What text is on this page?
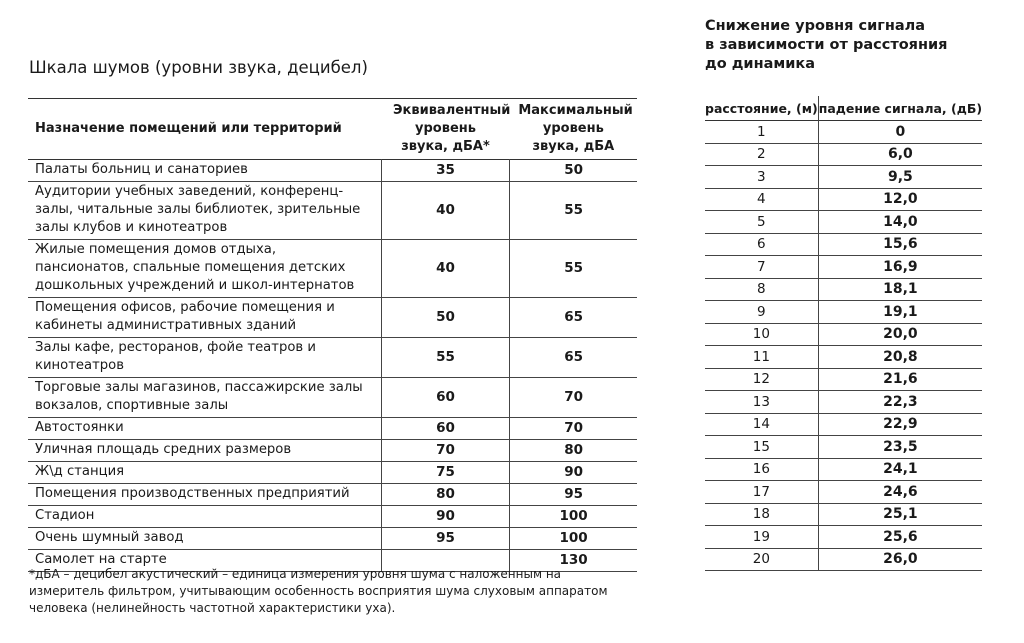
Шкала шумов (уровни звука, децибел)
Назначение помещений или территорий	Эквивалентный уровень звука, дБА*	Максимальный уровень звука, дБА

Палаты больниц и санаториев	35	50
Аудитории учебных заведений, конференц- залы, читальные залы библиотек, зрительные залы клубов и кинотеатров	40	55
Жилые помещения домов отдыха, пансионатов, спальные помещения детских дошкольных учреждений и школ-интернатов	40	55
Помещения офисов, рабочие помещения и кабинеты административных зданий	50	65
Залы кафе, ресторанов, фойе театров и кинотеатров	55	65
Торговые залы магазинов, пассажирские залы вокзалов, спортивные залы	60	70
Автостоянки	60	70
Уличная площадь средних размеров	70	80
Ж\д станция	75	90
Помещения производственных предприятий	80	95
Стадион	90	100
Очень шумный завод	95	100
Самолет на старте		130

*дБА – децибел акустический – единица измерения уровня шума с наложенным на измеритель фильтром, учитывающим особенность восприятия шума слуховым аппаратом человека (нелинейность частотной характеристики уха).

Снижение уровня сигнала
в зависимости от расстояния
до динамика
расстояние, (м)	падение сигнала, (дБ)
1	0
2	6,0
3	9,5
4	12,0
5	14,0
6	15,6
7	16,9
8	18,1
9	19,1
10	20,0
11	20,8
12	21,6
13	22,3
14	22,9
15	23,5
16	24,1
17	24,6
18	25,1
19	25,6
20	26,0
